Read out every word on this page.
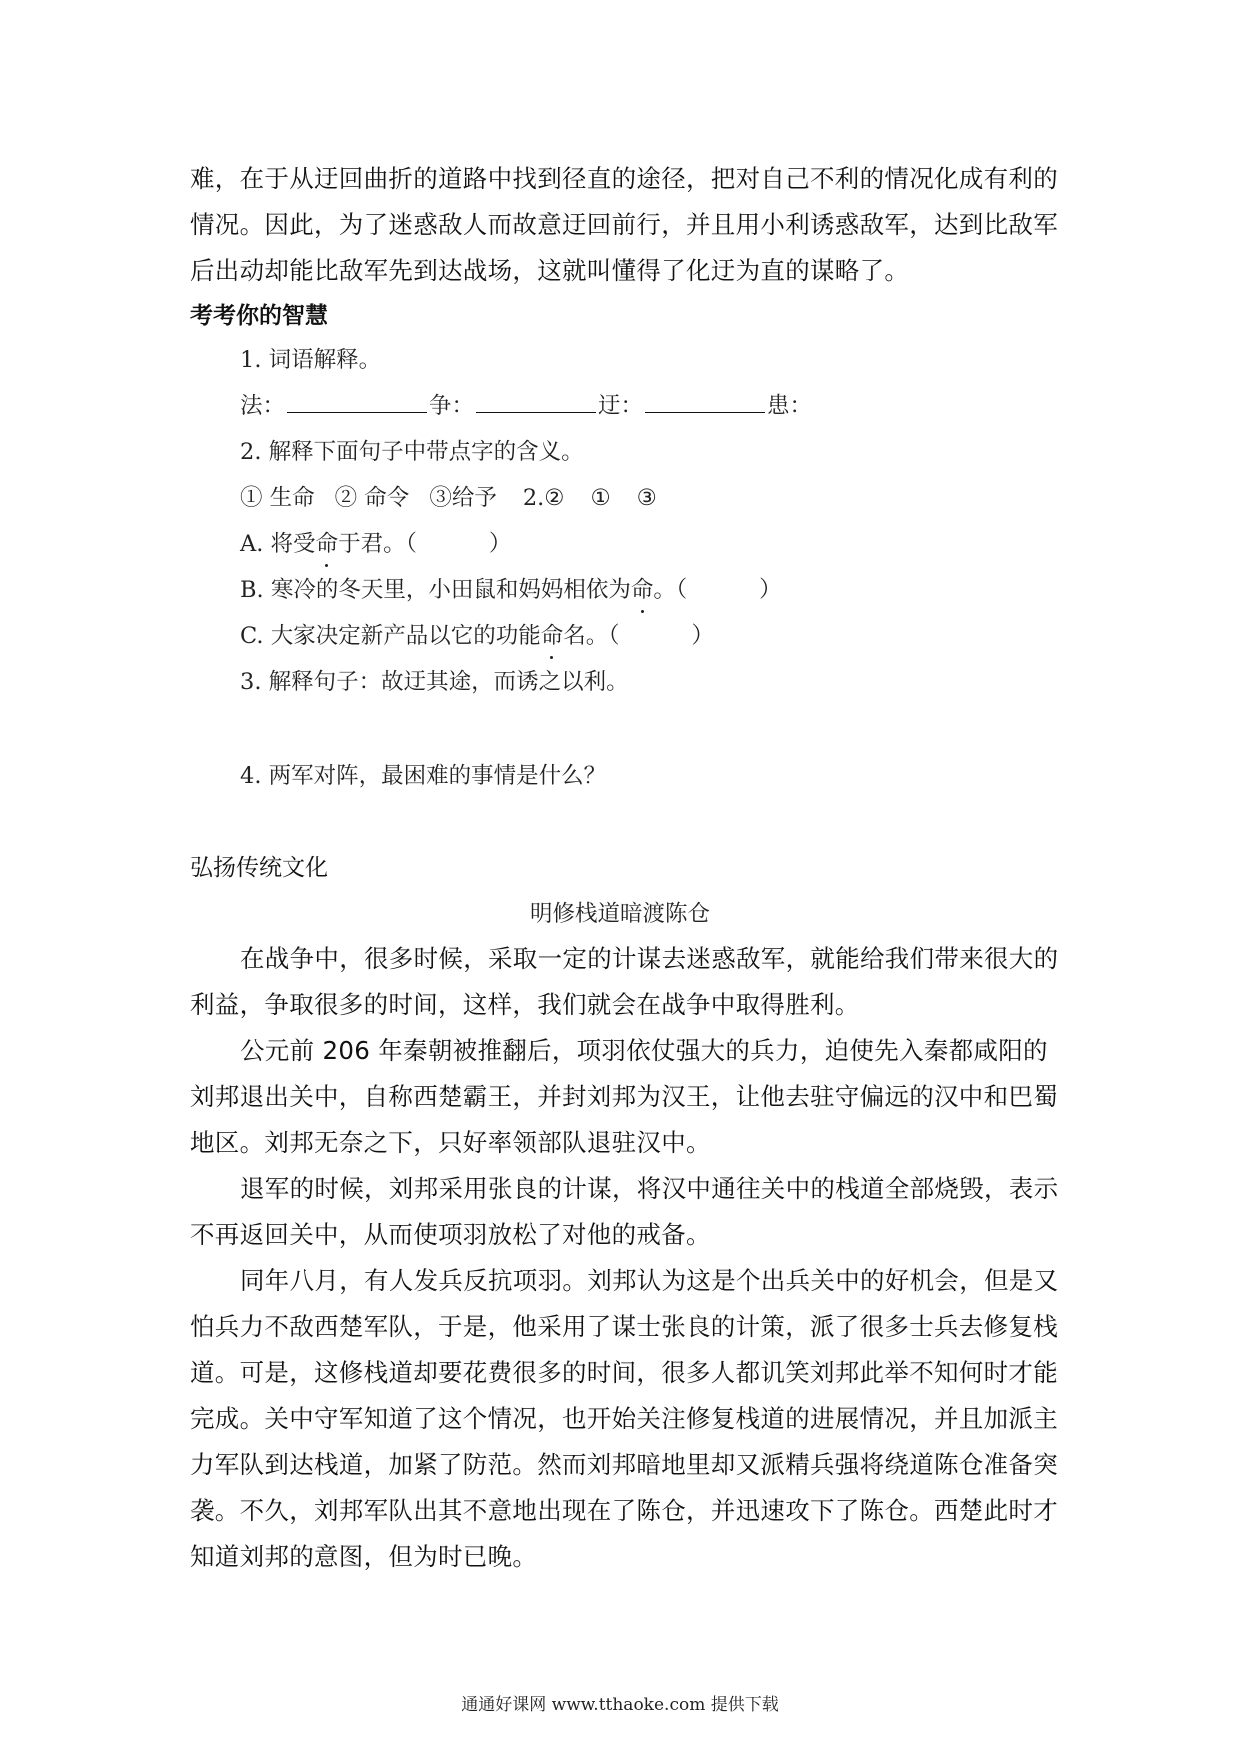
难，在于从迂回曲折的道路中找到径直的途径，把对自己不利的情况化成有利的
情况。因此，为了迷惑敌人而故意迂回前行，并且用小利诱惑敌军，达到比敌军
后出动却能比敌军先到达战场，这就叫懂得了化迂为直的谋略了。
考考你的智慧
1. 词语解释。
法：	争：	迂：	患：
2. 解释下面句子中带点字的含义。
① 生命 ② 命令 ③给予 2.② ① ③
A. 将受命于君。（	）
B. 寒冷的冬天里，小田鼠和妈妈相依为命。（	）
C. 大家决定新产品以它的功能命名。（	）
3. 解释句子：故迂其途，而诱之以利。
4. 两军对阵，最困难的事情是什么？
弘扬传统文化
明修栈道暗渡陈仓
在战争中，很多时候，采取一定的计谋去迷惑敌军，就能给我们带来很大的
利益，争取很多的时间，这样，我们就会在战争中取得胜利。
公元前 206 年秦朝被推翻后，项羽依仗强大的兵力，迫使先入秦都咸阳的
刘邦退出关中，自称西楚霸王，并封刘邦为汉王，让他去驻守偏远的汉中和巴蜀
地区。刘邦无奈之下，只好率领部队退驻汉中。
退军的时候，刘邦采用张良的计谋，将汉中通往关中的栈道全部烧毁，表示
不再返回关中，从而使项羽放松了对他的戒备。
同年八月，有人发兵反抗项羽。刘邦认为这是个出兵关中的好机会，但是又
怕兵力不敌西楚军队，于是，他采用了谋士张良的计策，派了很多士兵去修复栈
道。可是，这修栈道却要花费很多的时间，很多人都讥笑刘邦此举不知何时才能
完成。关中守军知道了这个情况，也开始关注修复栈道的进展情况，并且加派主
力军队到达栈道，加紧了防范。然而刘邦暗地里却又派精兵强将绕道陈仓准备突
袭。不久，刘邦军队出其不意地出现在了陈仓，并迅速攻下了陈仓。西楚此时才
知道刘邦的意图，但为时已晚。
通通好课网 www.tthaoke.com 提供下载
